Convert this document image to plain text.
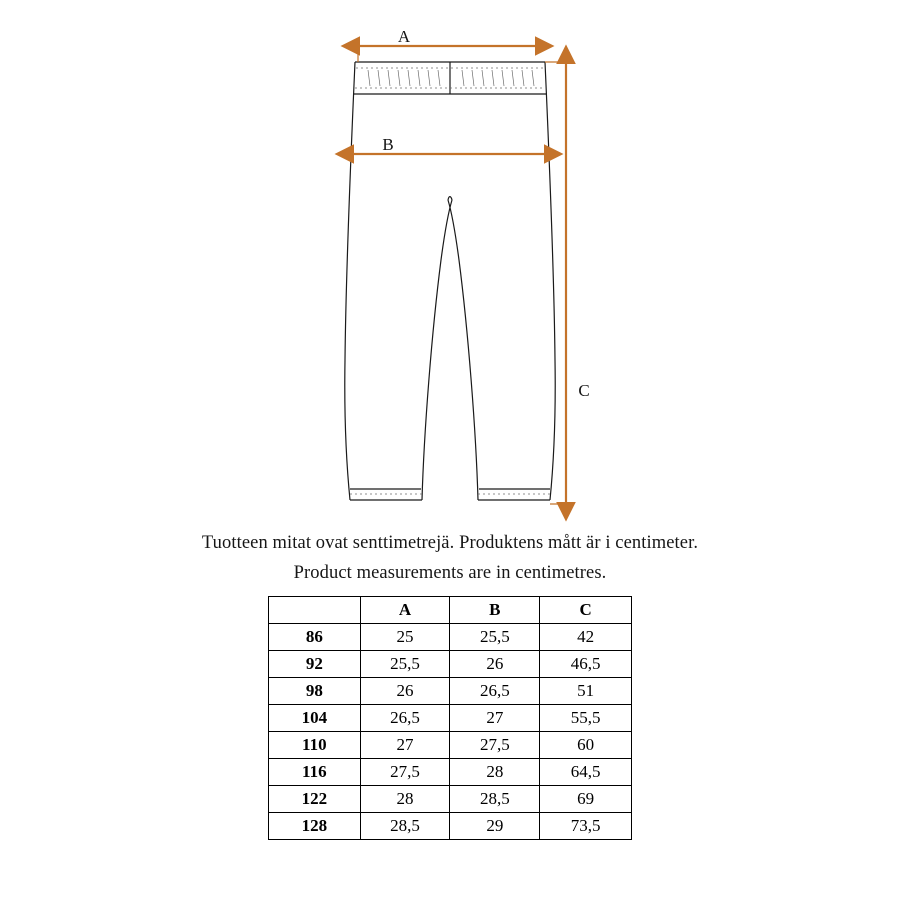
A
B
C
Tuotteen mitat ovat senttimetrejä. Produktens mått är i centimeter.
Product measurements are in centimetres.
	A	B	C
86	25	25,5	42
92	25,5	26	46,5
98	26	26,5	51
104	26,5	27	55,5
110	27	27,5	60
116	27,5	28	64,5
122	28	28,5	69
128	28,5	29	73,5
